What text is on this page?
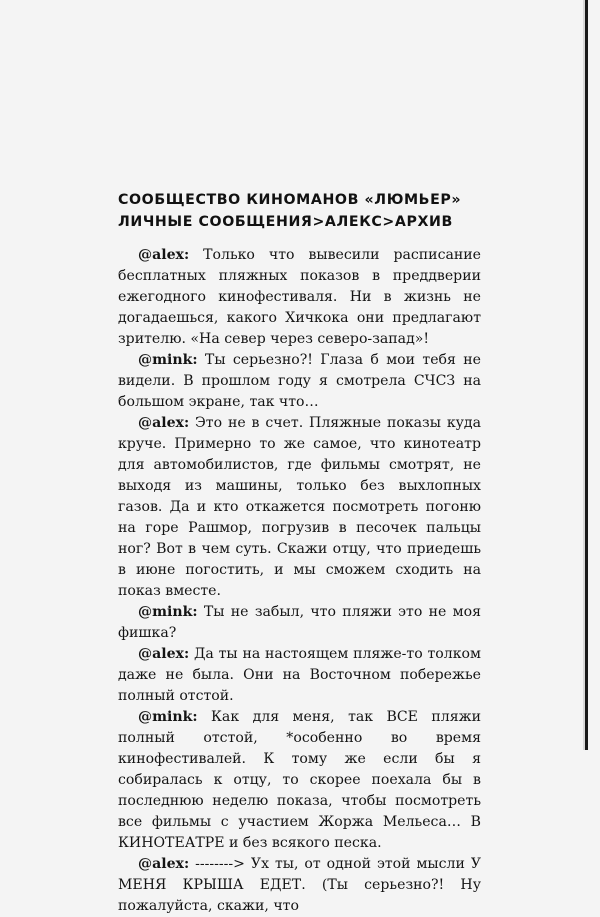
СООБЩЕСТВО КИНОМАНОВ «ЛЮМЬЕР»
ЛИЧНЫЕ СООБЩЕНИЯ>АЛЕКС>АРХИВ

@alex: Только что вывесили расписание бесплатных пляжных показов в преддверии ежегодного кинофестиваля. Ни в жизнь не догадаешься, какого Хичкока они предлагают зрителю. «На север через северо-запад»!

@mink: Ты серьезно?! Глаза б мои тебя не видели. В прошлом году я смотрела СЧСЗ на большом экране, так что…

@alex: Это не в счет. Пляжные показы куда круче. Примерно то же самое, что кинотеатр для автомобилистов, где фильмы смотрят, не выходя из машины, только без выхлопных газов. Да и кто откажется посмотреть погоню на горе Рашмор, погрузив в песочек пальцы ног? Вот в чем суть. Скажи отцу, что приедешь в июне погостить, и мы сможем сходить на показ вместе.

@mink: Ты не забыл, что пляжи это не моя фишка?

@alex: Да ты на настоящем пляже-то толком даже не была. Они на Восточном побережье полный отстой.

@mink: Как для меня, так ВСЕ пляжи полный отстой, *особенно во время кинофестивалей. К тому же если бы я собиралась к отцу, то скорее поехала бы в последнюю неделю показа, чтобы посмотреть все фильмы с участием Жоржа Мельеса… В КИНОТЕАТРЕ и без всякого песка.

@alex: --------> Ух ты, от одной этой мысли У МЕНЯ КРЫША ЕДЕТ. (Ты серьезно?! Ну пожалуйста, скажи, что
